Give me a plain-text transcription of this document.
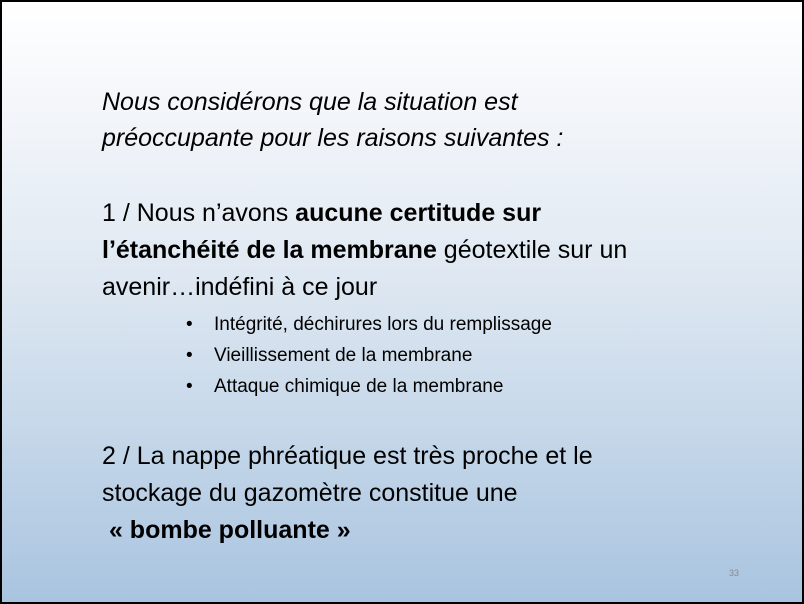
Nous considérons que la situation est
préoccupante pour les raisons suivantes :

1 / Nous n’avons aucune certitude sur
l’étanchéité de la membrane géotextile sur un
avenir…indéfini à ce jour

• Intégrité, déchirures lors du remplissage
• Vieillissement de la membrane
• Attaque chimique de la membrane

2 / La nappe phréatique est très proche et le
stockage du gazomètre constitue une
« bombe polluante »

33
